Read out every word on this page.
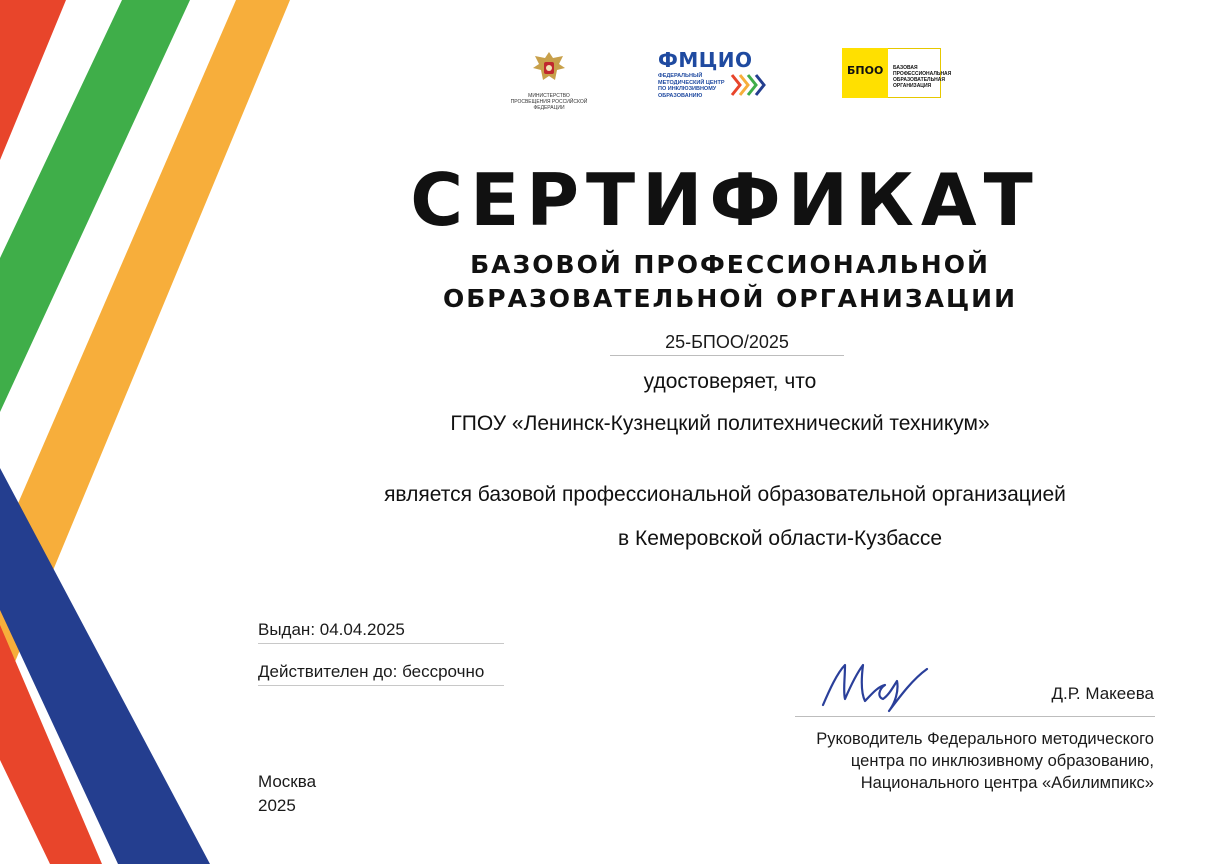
МИНИСТЕРСТВО ПРОСВЕЩЕНИЯ РОССИЙСКОЙ ФЕДЕРАЦИИ
ФМЦИО
ФЕДЕРАЛЬНЫЙ МЕТОДИЧЕСКИЙ ЦЕНТР ПО ИНКЛЮЗИВНОМУ ОБРАЗОВАНИЮ
БПОО	БАЗОВАЯ ПРОФЕССИОНАЛЬНАЯ ОБРАЗОВАТЕЛЬНАЯ ОРГАНИЗАЦИЯ
СЕРТИФИКАТ
БАЗОВОЙ ПРОФЕССИОНАЛЬНОЙ
ОБРАЗОВАТЕЛЬНОЙ ОРГАНИЗАЦИИ
25-БПОО/2025
удостоверяет, что
ГПОУ «Ленинск-Кузнецкий политехнический техникум»
является базовой профессиональной образовательной организацией
в Кемеровской области-Кузбассе
Выдан: 04.04.2025
Действителен до: бессрочно
Москва
2025
Д.Р. Макеева
Руководитель Федерального методического центра по инклюзивному образованию, Национального центра «Абилимпикс»
